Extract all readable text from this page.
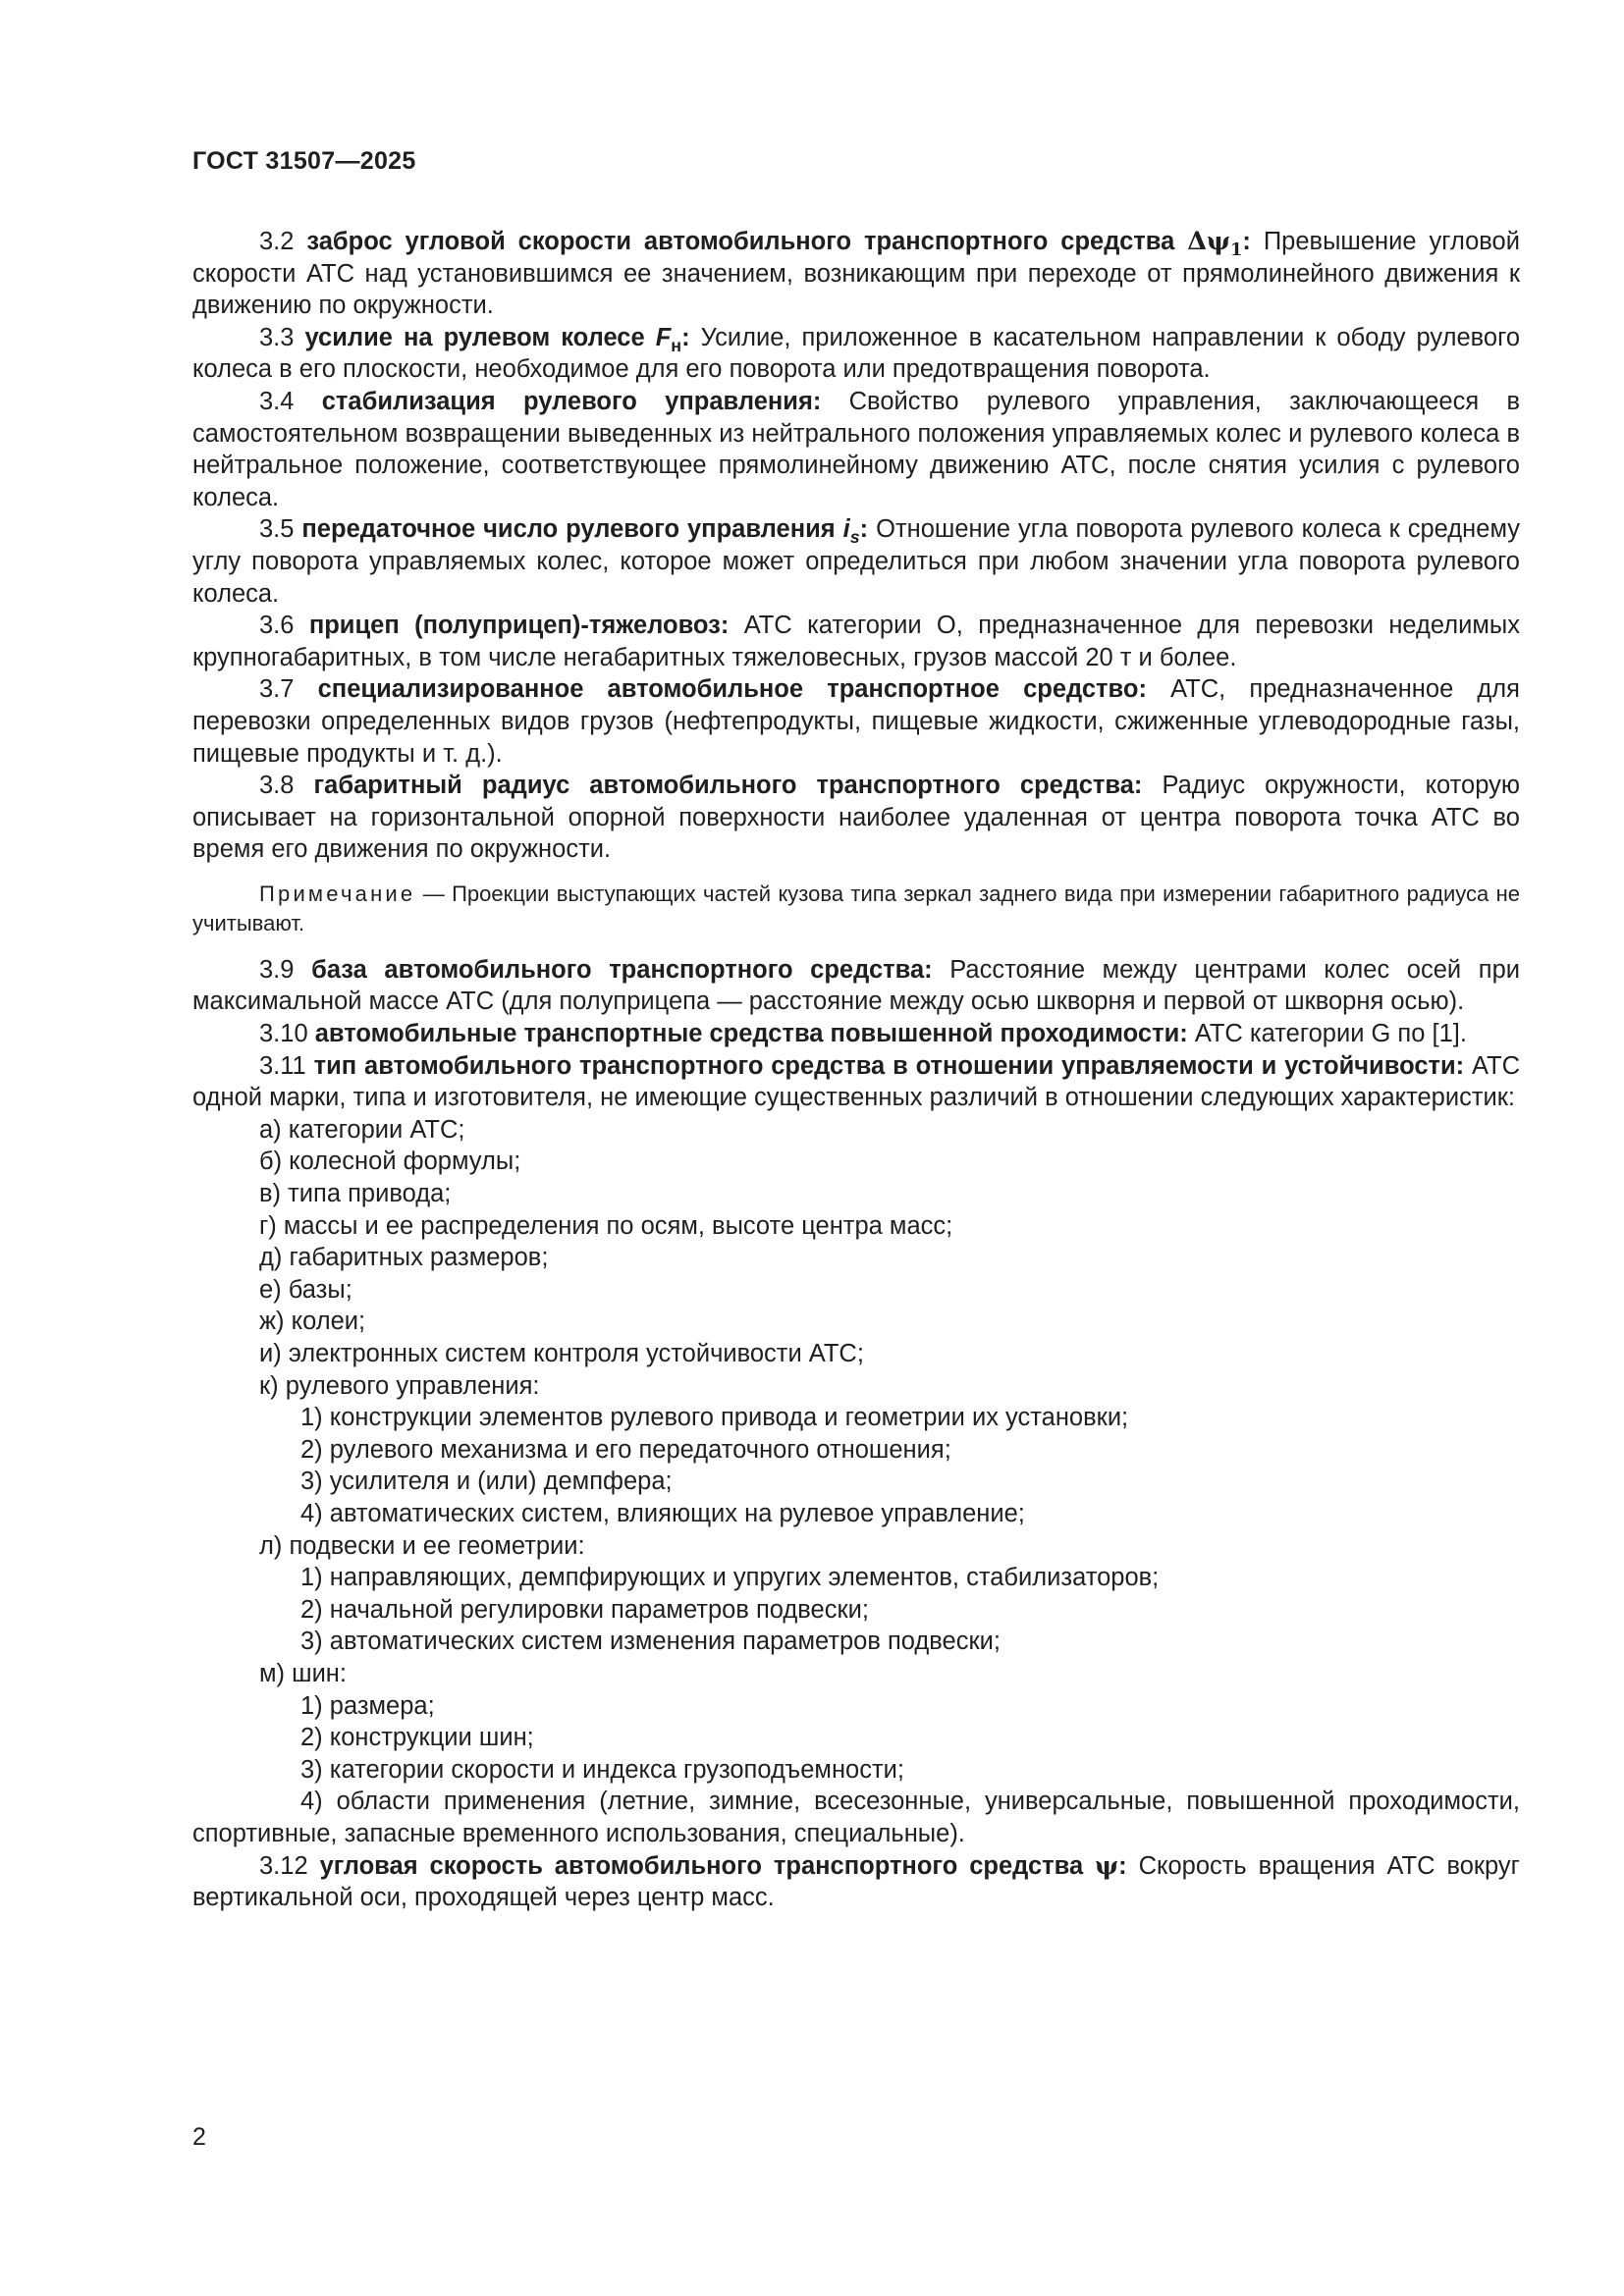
ГОСТ 31507—2025

3.2 заброс угловой скорости автомобильного транспортного средства $\Delta\psi_1$: Превышение угловой скорости АТС над установившимся ее значением, возникающим при переходе от прямолинейного движения к движению по окружности.

3.3 усилие на рулевом колесе $F_н$: Усилие, приложенное в касательном направлении к ободу рулевого колеса в его плоскости, необходимое для его поворота или предотвращения поворота.

3.4 стабилизация рулевого управления: Свойство рулевого управления, заключающееся в самостоятельном возвращении выведенных из нейтрального положения управляемых колес и рулевого колеса в нейтральное положение, соответствующее прямолинейному движению АТС, после снятия усилия с рулевого колеса.

3.5 передаточное число рулевого управления $i_s$: Отношение угла поворота рулевого колеса к среднему углу поворота управляемых колес, которое может определиться при любом значении угла поворота рулевого колеса.

3.6 прицеп (полуприцеп)-тяжеловоз: АТС категории О, предназначенное для перевозки неделимых крупногабаритных, в том числе негабаритных тяжеловесных, грузов массой 20 т и более.

3.7 специализированное автомобильное транспортное средство: АТС, предназначенное для перевозки определенных видов грузов (нефтепродукты, пищевые жидкости, сжиженные углеводородные газы, пищевые продукты и т. д.).

3.8 габаритный радиус автомобильного транспортного средства: Радиус окружности, которую описывает на горизонтальной опорной поверхности наиболее удаленная от центра поворота точка АТС во время его движения по окружности.

Примечание — Проекции выступающих частей кузова типа зеркал заднего вида при измерении габаритного радиуса не учитывают.

3.9 база автомобильного транспортного средства: Расстояние между центрами колес осей при максимальной массе АТС (для полуприцепа — расстояние между осью шкворня и первой от шкворня осью).

3.10 автомобильные транспортные средства повышенной проходимости: АТС категории G по [1].

3.11 тип автомобильного транспортного средства в отношении управляемости и устойчивости: АТС одной марки, типа и изготовителя, не имеющие существенных различий в отношении следующих характеристик:

а) категории АТС;

б) колесной формулы;

в) типа привода;

г) массы и ее распределения по осям, высоте центра масс;

д) габаритных размеров;

е) базы;

ж) колеи;

и) электронных систем контроля устойчивости АТС;

к) рулевого управления:

1) конструкции элементов рулевого привода и геометрии их установки;

2) рулевого механизма и его передаточного отношения;

3) усилителя и (или) демпфера;

4) автоматических систем, влияющих на рулевое управление;

л) подвески и ее геометрии:

1) направляющих, демпфирующих и упругих элементов, стабилизаторов;

2) начальной регулировки параметров подвески;

3) автоматических систем изменения параметров подвески;

м) шин:

1) размера;

2) конструкции шин;

3) категории скорости и индекса грузоподъемности;

4) области применения (летние, зимние, всесезонные, универсальные, повышенной проходимости, спортивные, запасные временного использования, специальные).

3.12 угловая скорость автомобильного транспортного средства ψ: Скорость вращения АТС вокруг вертикальной оси, проходящей через центр масс.

2
